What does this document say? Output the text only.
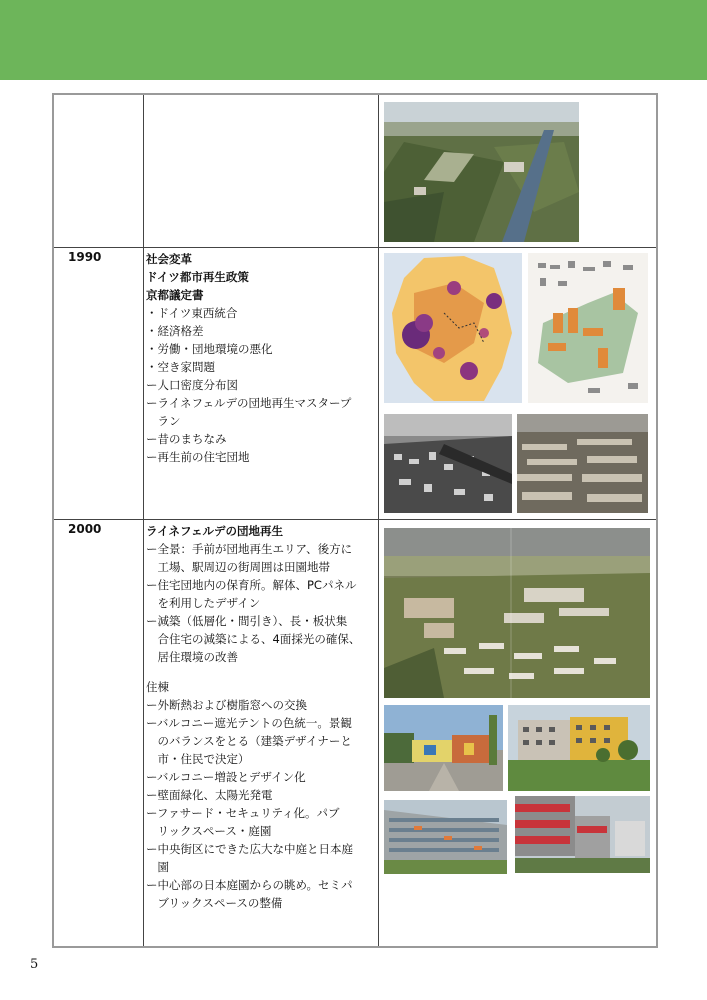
1990	社会変革
ドイツ都市再生政策
京都議定書
・ドイツ東西統合
・経済格差
・労働・団地環境の悪化
・空き家問題
ー人口密度分布図
ーライネフェルデの団地再生マスタープ
　ラン
ー昔のまちなみ
ー再生前の住宅団地
2000	ライネフェルデの団地再生
ー全景：手前が団地再生エリア、後方に
　工場、駅周辺の街周囲は田園地帯
ー住宅団地内の保育所。解体、PCパネル
　を利用したデザイン
ー減築（低層化・間引き）、長・板状集
　合住宅の減築による、4面採光の確保、
　居住環境の改善
住棟
ー外断熱および樹脂窓への交換
ーバルコニー遮光テントの色統一。景観
　のバランスをとる（建築デザイナーと
　市・住民で決定）
ーバルコニー増設とデザイン化
ー壁面緑化、太陽光発電
ーファサード・セキュリティ化。パブ
　リックスペース・庭園
ー中央街区にできた広大な中庭と日本庭
　園
ー中心部の日本庭園からの眺め。セミパ
　ブリックスペースの整備
5
